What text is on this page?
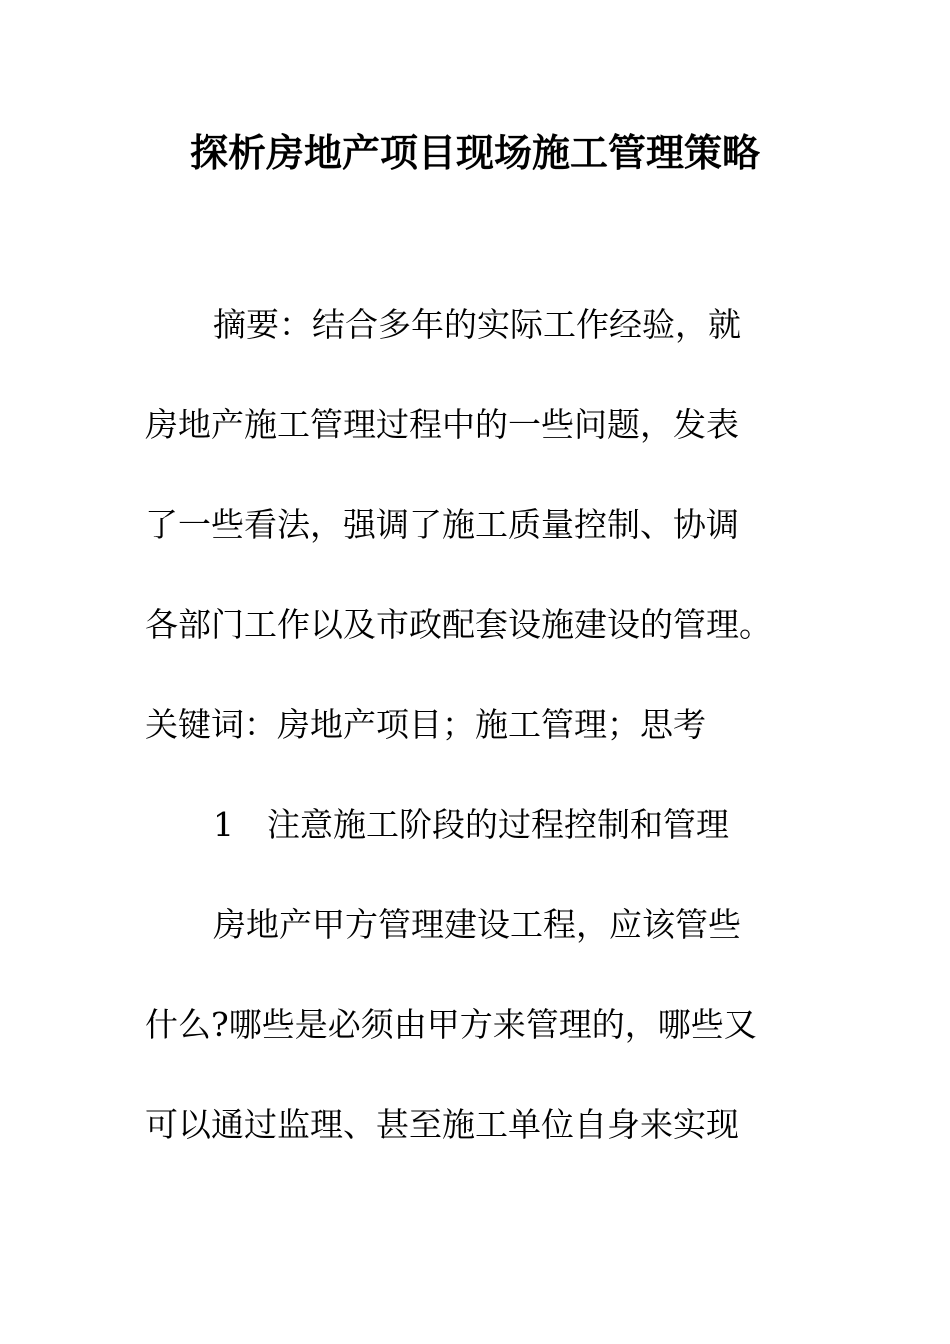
探析房地产项目现场施工管理策略
摘要：结合多年的实际工作经验，就
房地产施工管理过程中的一些问题，发表
了一些看法，强调了施工质量控制、协调
各部门工作以及市政配套设施建设的管理。
关键词：房地产项目；施工管理；思考
1　注意施工阶段的过程控制和管理
房地产甲方管理建设工程，应该管些
什么?哪些是必须由甲方来管理的，哪些又
可以通过监理、甚至施工单位自身来实现
